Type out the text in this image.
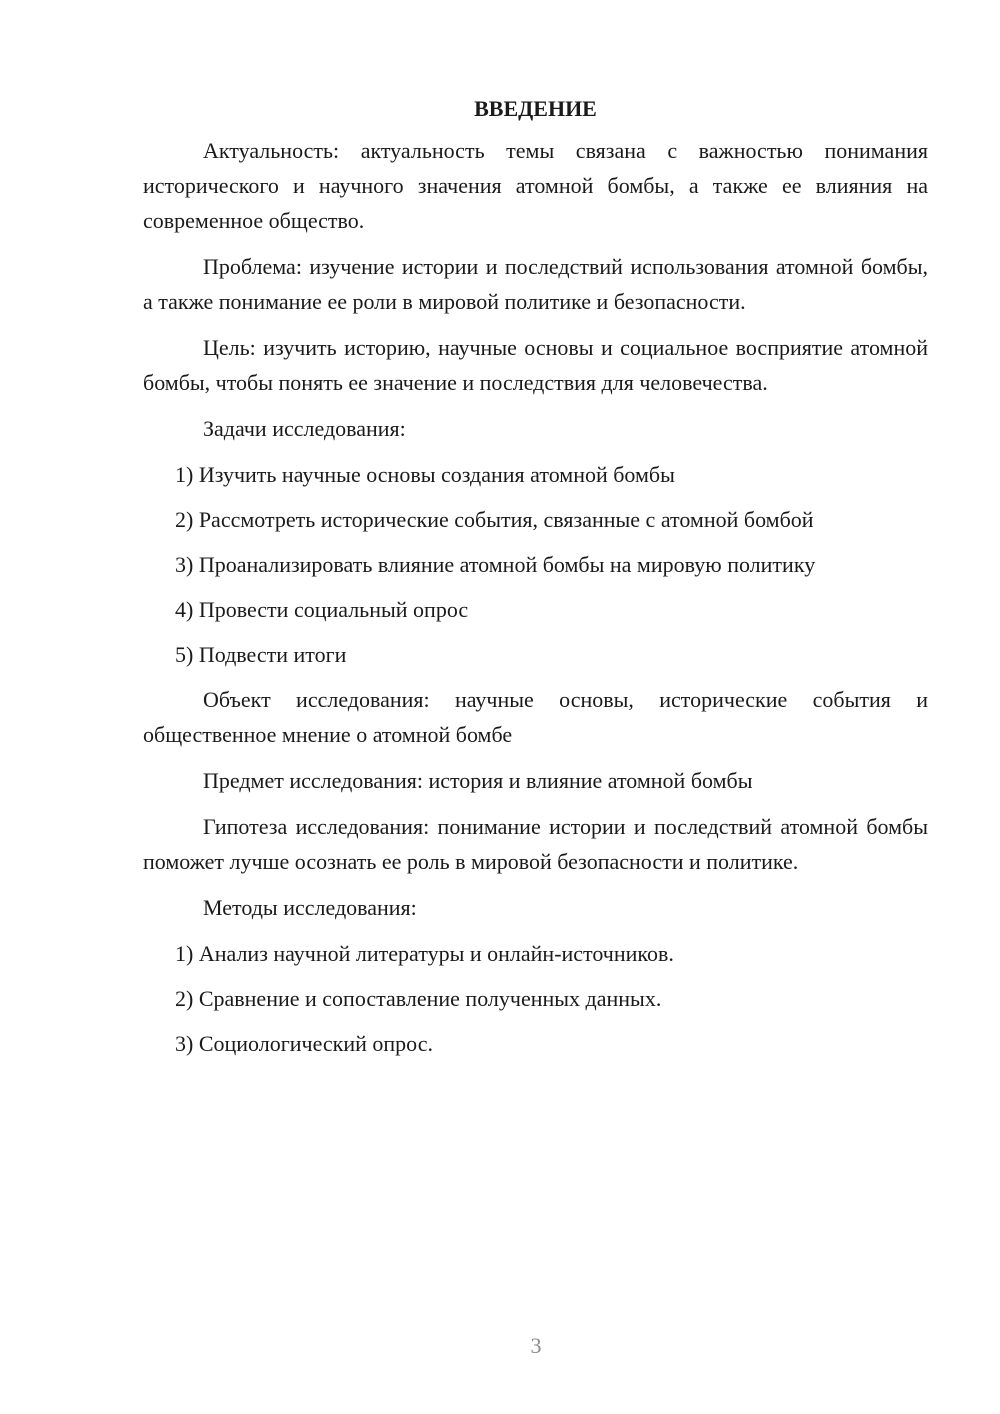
ВВЕДЕНИЕ
Актуальность: актуальность темы связана с важностью понимания исторического и научного значения атомной бомбы, а также ее влияния на современное общество.
Проблема: изучение истории и последствий использования атомной бомбы, а также понимание ее роли в мировой политике и безопасности.
Цель: изучить историю, научные основы и социальное восприятие атомной бомбы, чтобы понять ее значение и последствия для человечества.
Задачи исследования:
1) Изучить научные основы создания атомной бомбы
2) Рассмотреть исторические события, связанные с атомной бомбой
3) Проанализировать влияние атомной бомбы на мировую политику
4) Провести социальный опрос
5) Подвести итоги
Объект исследования: научные основы, исторические события и общественное мнение о атомной бомбе
Предмет исследования: история и влияние атомной бомбы
Гипотеза исследования: понимание истории и последствий атомной бомбы поможет лучше осознать ее роль в мировой безопасности и политике.
Методы исследования:
1) Анализ научной литературы и онлайн-источников.
2) Сравнение и сопоставление полученных данных.
3) Социологический опрос.
3
